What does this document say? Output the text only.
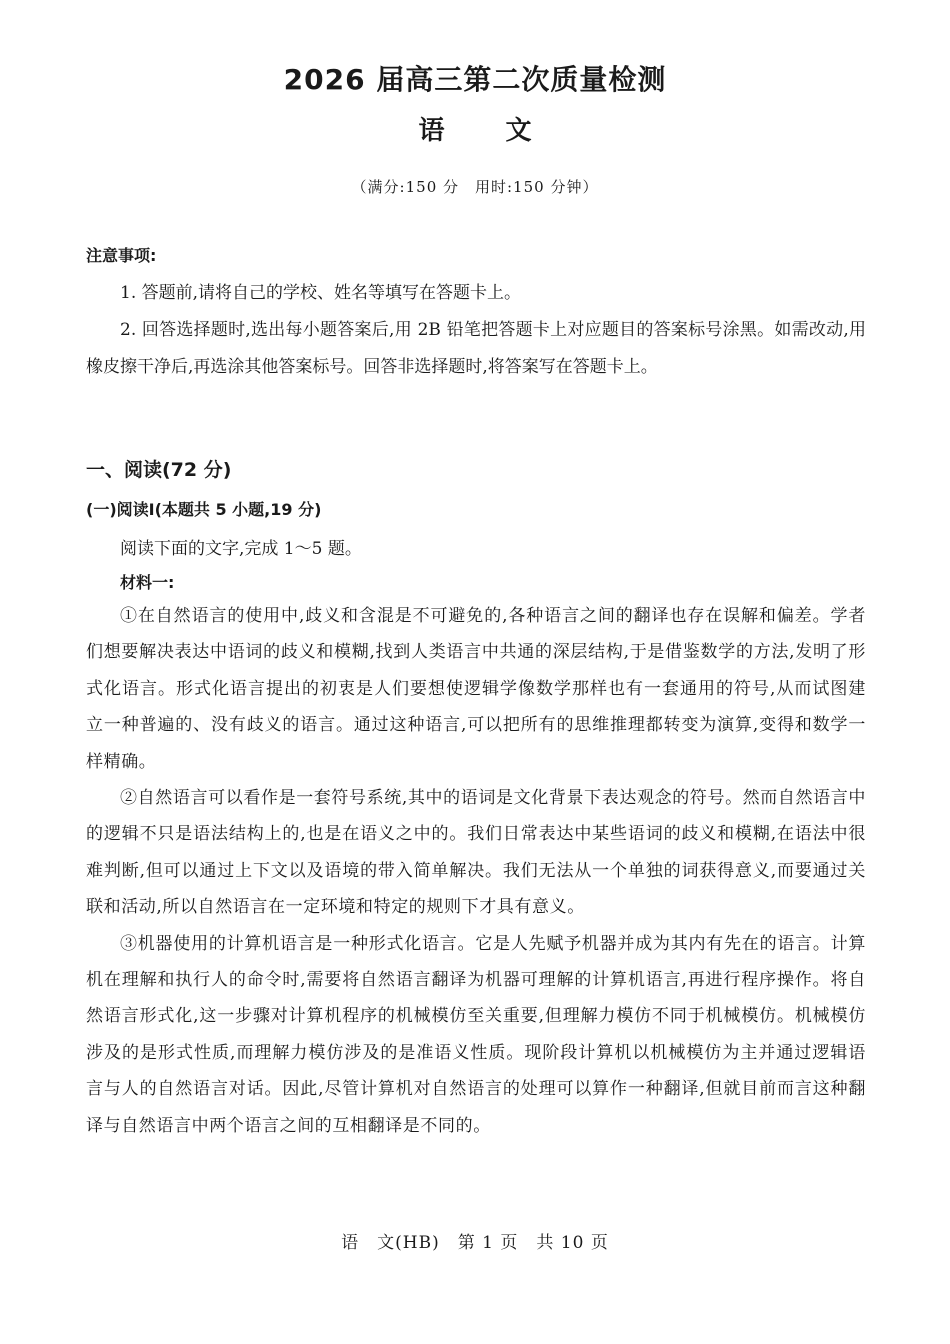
2026 届高三第二次质量检测
语 文
（满分:150 分　用时:150 分钟）
注意事项:

1. 答题前,请将自己的学校、姓名等填写在答题卡上。

2. 回答选择题时,选出每小题答案后,用 2B 铅笔把答题卡上对应题目的答案标号涂黑。如需改动,用橡皮擦干净后,再选涂其他答案标号。回答非选择题时,将答案写在答题卡上。

一、阅读(72 分)
(一)阅读Ⅰ(本题共 5 小题,19 分)
阅读下面的文字,完成 1～5 题。
材料一:

①在自然语言的使用中,歧义和含混是不可避免的,各种语言之间的翻译也存在误解和偏差。学者们想要解决表达中语词的歧义和模糊,找到人类语言中共通的深层结构,于是借鉴数学的方法,发明了形式化语言。形式化语言提出的初衷是人们要想使逻辑学像数学那样也有一套通用的符号,从而试图建立一种普遍的、没有歧义的语言。通过这种语言,可以把所有的思维推理都转变为演算,变得和数学一样精确。

②自然语言可以看作是一套符号系统,其中的语词是文化背景下表达观念的符号。然而自然语言中的逻辑不只是语法结构上的,也是在语义之中的。我们日常表达中某些语词的歧义和模糊,在语法中很难判断,但可以通过上下文以及语境的带入简单解决。我们无法从一个单独的词获得意义,而要通过关联和活动,所以自然语言在一定环境和特定的规则下才具有意义。

③机器使用的计算机语言是一种形式化语言。它是人先赋予机器并成为其内有先在的语言。计算机在理解和执行人的命令时,需要将自然语言翻译为机器可理解的计算机语言,再进行程序操作。将自然语言形式化,这一步骤对计算机程序的机械模仿至关重要,但理解力模仿不同于机械模仿。机械模仿涉及的是形式性质,而理解力模仿涉及的是准语义性质。现阶段计算机以机械模仿为主并通过逻辑语言与人的自然语言对话。因此,尽管计算机对自然语言的处理可以算作一种翻译,但就目前而言这种翻译与自然语言中两个语言之间的互相翻译是不同的。

语　文(HB)　第 1 页　共 10 页
